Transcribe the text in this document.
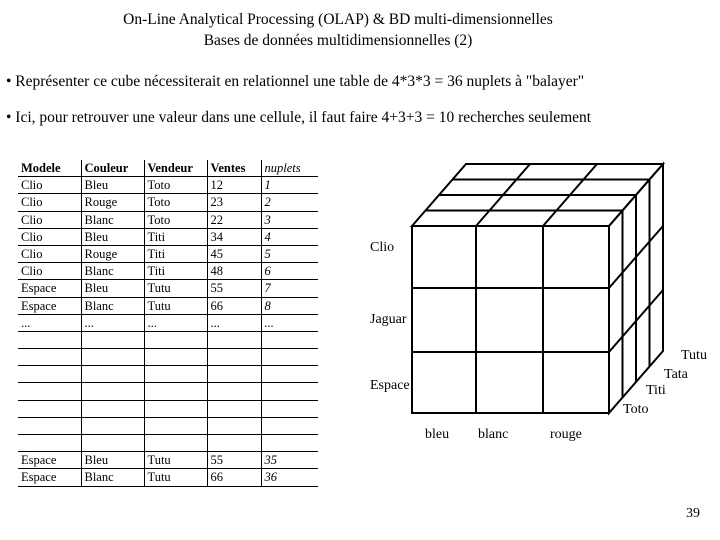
On-Line Analytical Processing (OLAP) & BD multi-dimensionnelles
Bases de données multidimensionnelles (2)
• Représenter ce cube nécessiterait en relationnel une table de 4*3*3 = 36 nuplets à "balayer"
• Ici, pour retrouver une valeur dans une cellule, il faut faire 4+3+3 = 10 recherches seulement
Modele	Couleur	Vendeur	Ventes	nuplets
Clio	Bleu	Toto	12	1
Clio	Rouge	Toto	23	2
Clio	Blanc	Toto	22	3
Clio	Bleu	Titi	34	4
Clio	Rouge	Titi	45	5
Clio	Blanc	Titi	48	6
Espace	Bleu	Tutu	55	7
Espace	Blanc	Tutu	66	8
...	...	...	...	...

Espace	Bleu	Tutu	55	35
Espace	Blanc	Tutu	66	36
Clio
Jaguar
Espace
bleu blanc	rouge
Tutu
Tata
Titi
Toto
39
